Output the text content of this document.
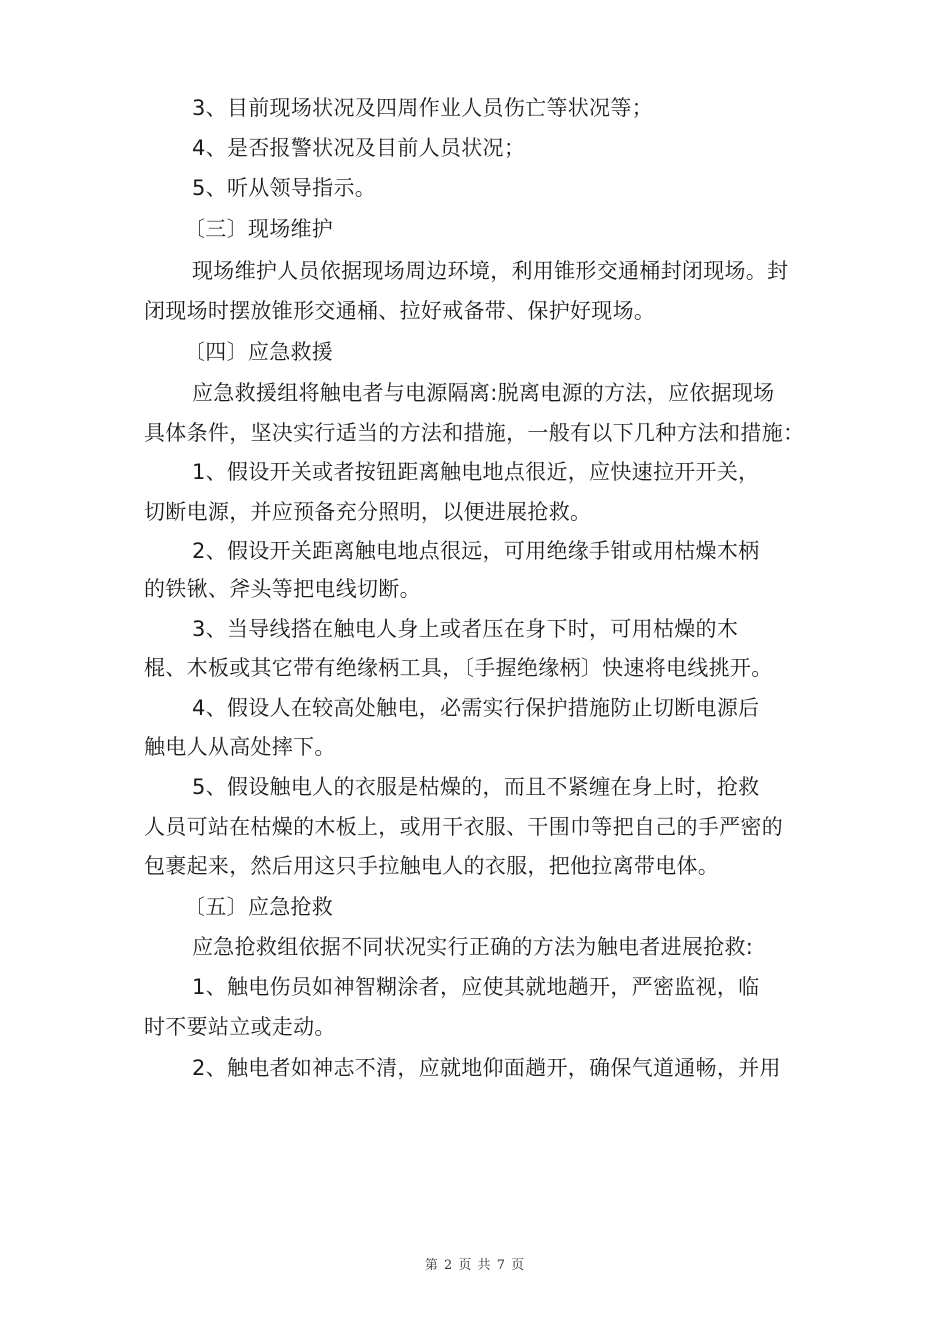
3、目前现场状况及四周作业人员伤亡等状况等；
4、是否报警状况及目前人员状况；
5、听从领导指示。
〔三〕现场维护
现场维护人员依据现场周边环境，利用锥形交通桶封闭现场。封
闭现场时摆放锥形交通桶、拉好戒备带、保护好现场。
〔四〕应急救援
应急救援组将触电者与电源隔离:脱离电源的方法，应依据现场
具体条件，坚决实行适当的方法和措施，一般有以下几种方法和措施：
1、假设开关或者按钮距离触电地点很近，应快速拉开开关，
切断电源，并应预备充分照明，以便进展抢救。
2、假设开关距离触电地点很远，可用绝缘手钳或用枯燥木柄
的铁锹、斧头等把电线切断。
3、当导线搭在触电人身上或者压在身下时，可用枯燥的木
棍、木板或其它带有绝缘柄工具，〔手握绝缘柄〕快速将电线挑开。
4、假设人在较高处触电，必需实行保护措施防止切断电源后
触电人从高处摔下。
5、假设触电人的衣服是枯燥的，而且不紧缠在身上时，抢救
人员可站在枯燥的木板上，或用干衣服、干围巾等把自己的手严密的
包裹起来，然后用这只手拉触电人的衣服，把他拉离带电体。
〔五〕应急抢救
应急抢救组依据不同状况实行正确的方法为触电者进展抢救:
1、触电伤员如神智糊涂者，应使其就地趟开，严密监视，临
时不要站立或走动。
2、触电者如神志不清，应就地仰面趟开，确保气道通畅，并用
第 2 页 共 7 页
